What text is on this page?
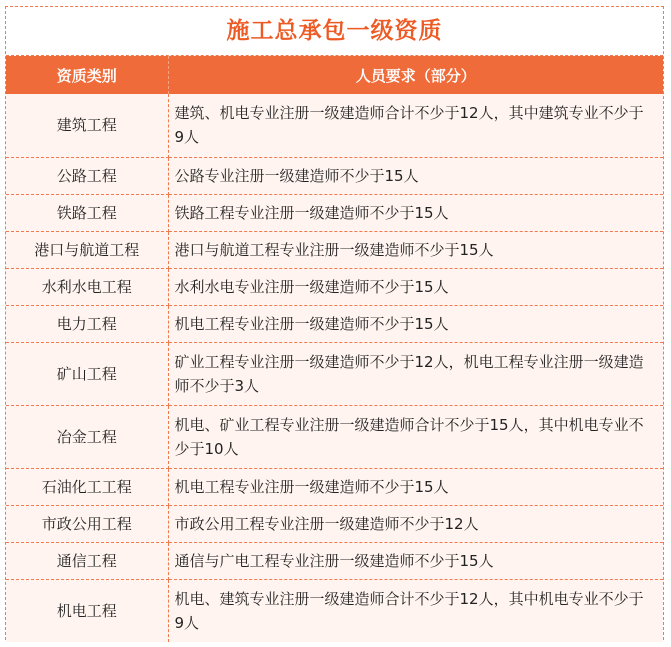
施工总承包一级资质
资质类别	人员要求（部分）
建筑工程	建筑、机电专业注册一级建造师合计不少于12人，其中建筑专业不少于9人
公路工程	公路专业注册一级建造师不少于15人
铁路工程	铁路工程专业注册一级建造师不少于15人
港口与航道工程	港口与航道工程专业注册一级建造师不少于15人
水利水电工程	水利水电专业注册一级建造师不少于15人
电力工程	机电工程专业注册一级建造师不少于15人
矿山工程	矿业工程专业注册一级建造师不少于12人，机电工程专业注册一级建造师不少于3人
冶金工程	机电、矿业工程专业注册一级建造师合计不少于15人，其中机电专业不少于10人
石油化工工程	机电工程专业注册一级建造师不少于15人
市政公用工程	市政公用工程专业注册一级建造师不少于12人
通信工程	通信与广电工程专业注册一级建造师不少于15人
机电工程	机电、建筑专业注册一级建造师合计不少于12人，其中机电专业不少于9人
